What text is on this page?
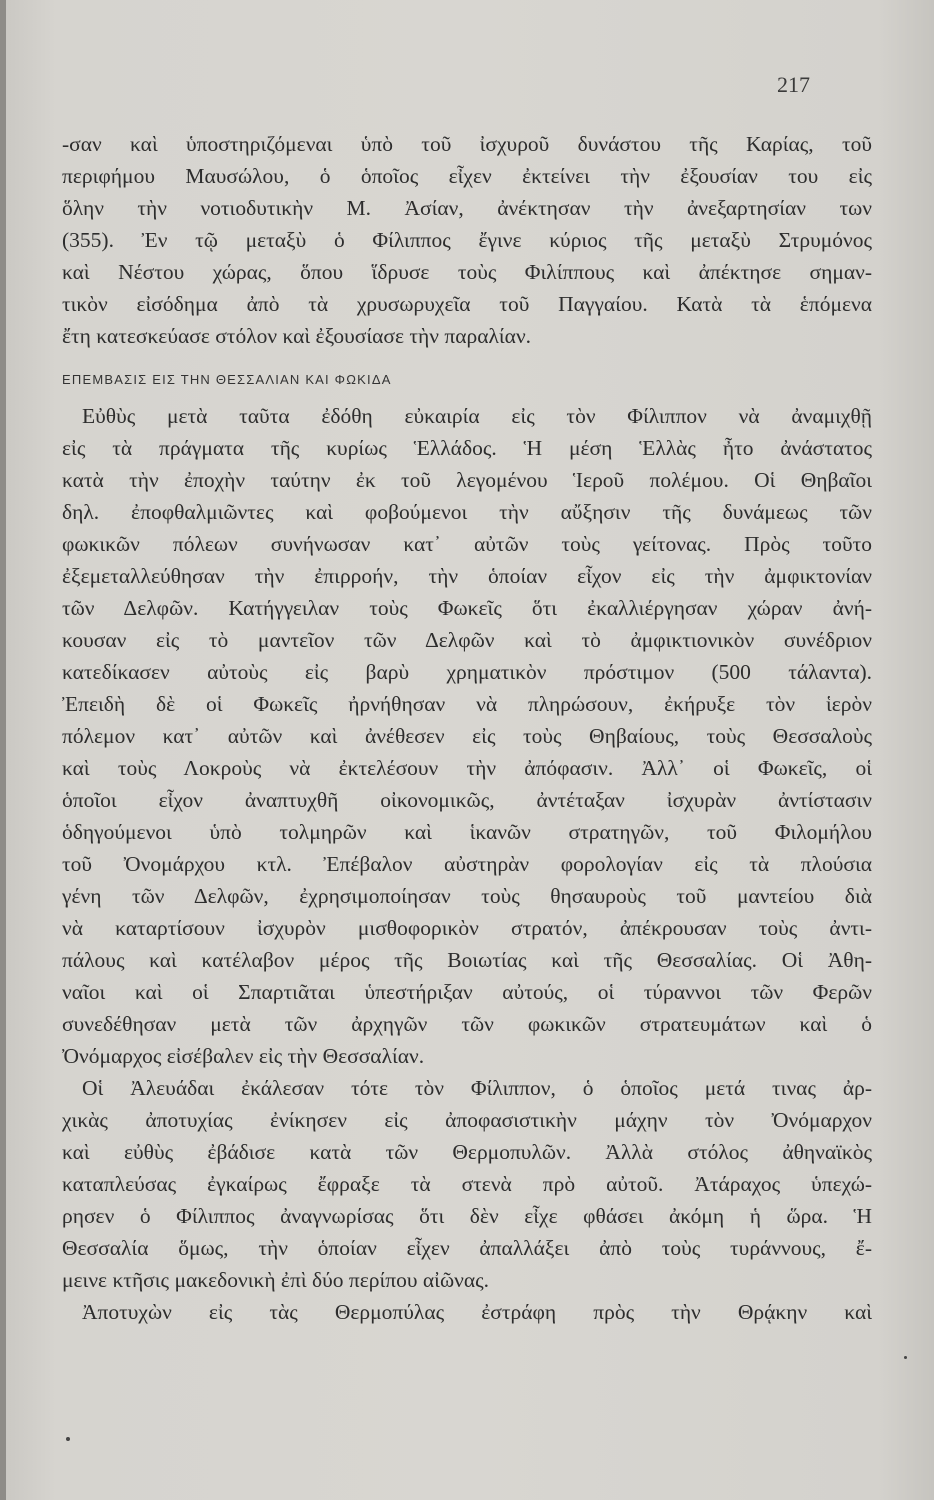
217
-σαν καὶ ὑποστηριζόμεναι ὑπὸ τοῦ ἰσχυροῦ δυνάστου τῆς Καρίας, τοῦ
περιφήμου Μαυσώλου, ὁ ὁποῖος εἶχεν ἐκτείνει τὴν ἐξουσίαν του εἰς
ὅλην τὴν νοτιοδυτικὴν Μ. Ἀσίαν, ἀνέκτησαν τὴν ἀνεξαρτησίαν των
(355). Ἐν τῷ μεταξὺ ὁ Φίλιππος ἔγινε κύριος τῆς μεταξὺ Στρυμόνος
καὶ Νέστου χώρας, ὅπου ἵδρυσε τοὺς Φιλίππους καὶ ἀπέκτησε σημαν-
τικὸν εἰσόδημα ἀπὸ τὰ χρυσωρυχεῖα τοῦ Παγγαίου. Κατὰ τὰ ἑπόμενα
ἔτη κατεσκεύασε στόλον καὶ ἐξουσίασε τὴν παραλίαν.
ΕΠΕΜΒΑΣΙΣ ΕΙΣ ΤΗΝ ΘΕΣΣΑΛΙΑΝ ΚΑΙ ΦΩΚΙΔΑ
Εὐθὺς μετὰ ταῦτα ἐδόθη εὐκαιρία εἰς τὸν Φίλιππον νὰ ἀναμιχθῇ
εἰς τὰ πράγματα τῆς κυρίως Ἑλλάδος. Ἡ μέση Ἑλλὰς ἦτο ἀνάστατος
κατὰ τὴν ἐποχὴν ταύτην ἐκ τοῦ λεγομένου Ἱεροῦ πολέμου. Οἱ Θηβαῖοι
δηλ. ἐποφθαλμιῶντες καὶ φοβούμενοι τὴν αὔξησιν τῆς δυνάμεως τῶν
φωκικῶν πόλεων συνήνωσαν κατ᾽ αὐτῶν τοὺς γείτονας. Πρὸς τοῦτο
ἐξεμεταλλεύθησαν τὴν ἐπιρροήν, τὴν ὁποίαν εἶχον εἰς τὴν ἀμφικτονίαν
τῶν Δελφῶν. Κατήγγειλαν τοὺς Φωκεῖς ὅτι ἐκαλλιέργησαν χώραν ἀνή-
κουσαν εἰς τὸ μαντεῖον τῶν Δελφῶν καὶ τὸ ἀμφικτιονικὸν συνέδριον
κατεδίκασεν αὐτοὺς εἰς βαρὺ χρηματικὸν πρόστιμον (500 τάλαντα).
Ἐπειδὴ δὲ οἱ Φωκεῖς ἠρνήθησαν νὰ πληρώσουν, ἐκήρυξε τὸν ἱερὸν
πόλεμον κατ᾽ αὐτῶν καὶ ἀνέθεσεν εἰς τοὺς Θηβαίους, τοὺς Θεσσαλοὺς
καὶ τοὺς Λοκροὺς νὰ ἐκτελέσουν τὴν ἀπόφασιν. Ἀλλ᾽ οἱ Φωκεῖς, οἱ
ὁποῖοι εἶχον ἀναπτυχθῆ οἰκονομικῶς, ἀντέταξαν ἰσχυρὰν ἀντίστασιν
ὁδηγούμενοι ὑπὸ τολμηρῶν καὶ ἱκανῶν στρατηγῶν, τοῦ Φιλομήλου
τοῦ Ὀνομάρχου κτλ. Ἐπέβαλον αὐστηρὰν φορολογίαν εἰς τὰ πλούσια
γένη τῶν Δελφῶν, ἐχρησιμοποίησαν τοὺς θησαυροὺς τοῦ μαντείου διὰ
νὰ καταρτίσουν ἰσχυρὸν μισθοφορικὸν στρατόν, ἀπέκρουσαν τοὺς ἀντι-
πάλους καὶ κατέλαβον μέρος τῆς Βοιωτίας καὶ τῆς Θεσσαλίας. Οἱ Ἀθη-
ναῖοι καὶ οἱ Σπαρτιᾶται ὑπεστήριξαν αὐτούς, οἱ τύραννοι τῶν Φερῶν
συνεδέθησαν μετὰ τῶν ἀρχηγῶν τῶν φωκικῶν στρατευμάτων καὶ ὁ
Ὀνόμαρχος εἰσέβαλεν εἰς τὴν Θεσσαλίαν.
Οἱ Ἀλευάδαι ἐκάλεσαν τότε τὸν Φίλιππον, ὁ ὁποῖος μετά τινας ἀρ-
χικὰς ἀποτυχίας ἐνίκησεν εἰς ἀποφασιστικὴν μάχην τὸν Ὀνόμαρχον
καὶ εὐθὺς ἐβάδισε κατὰ τῶν Θερμοπυλῶν. Ἀλλὰ στόλος ἀθηναϊκὸς
καταπλεύσας ἐγκαίρως ἔφραξε τὰ στενὰ πρὸ αὐτοῦ. Ἀτάραχος ὑπεχώ-
ρησεν ὁ Φίλιππος ἀναγνωρίσας ὅτι δὲν εἶχε φθάσει ἀκόμη ἡ ὥρα. Ἡ
Θεσσαλία ὅμως, τὴν ὁποίαν εἶχεν ἀπαλλάξει ἀπὸ τοὺς τυράννους, ἔ-
μεινε κτῆσις μακεδονικὴ ἐπὶ δύο περίπου αἰῶνας.
Ἀποτυχὼν εἰς τὰς Θερμοπύλας ἐστράφη πρὸς τὴν Θρᾴκην καὶ
